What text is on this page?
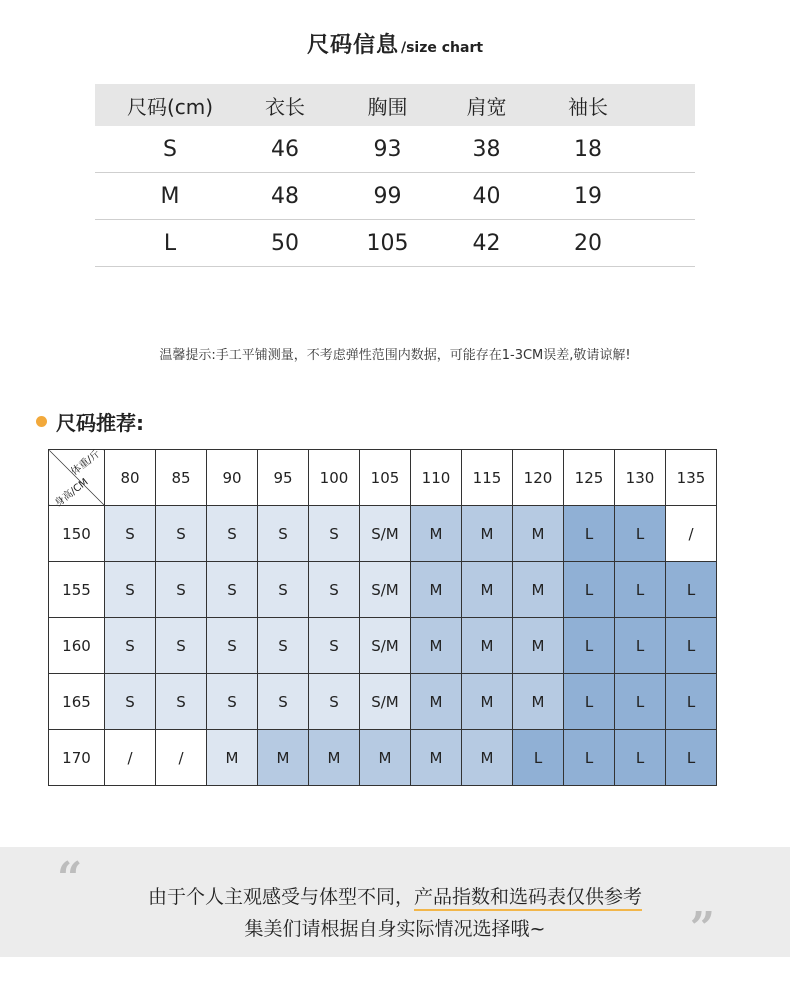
尺码信息 /size chart
尺码(cm)	衣长	胸围	肩宽	袖长	
S	46	93	38	18	
M	48	99	40	19	
L	50	105	42	20	
温馨提示:手工平铺测量，不考虑弹性范围内数据，可能存在1-3CM误差,敬请谅解!
尺码推荐:
体重/斤
身高/CM	80	85	90	95	100	105	110	115	120	125	130	135
150	S	S	S	S	S	S/M	M	M	M	L	L	/
155	S	S	S	S	S	S/M	M	M	M	L	L	L
160	S	S	S	S	S	S/M	M	M	M	L	L	L
165	S	S	S	S	S	S/M	M	M	M	L	L	L
170	/	/	M	M	M	M	M	M	L	L	L	L
“	由于个人主观感受与体型不同，产品指数和选码表仅供参考
集美们请根据自身实际情况选择哦~	”
